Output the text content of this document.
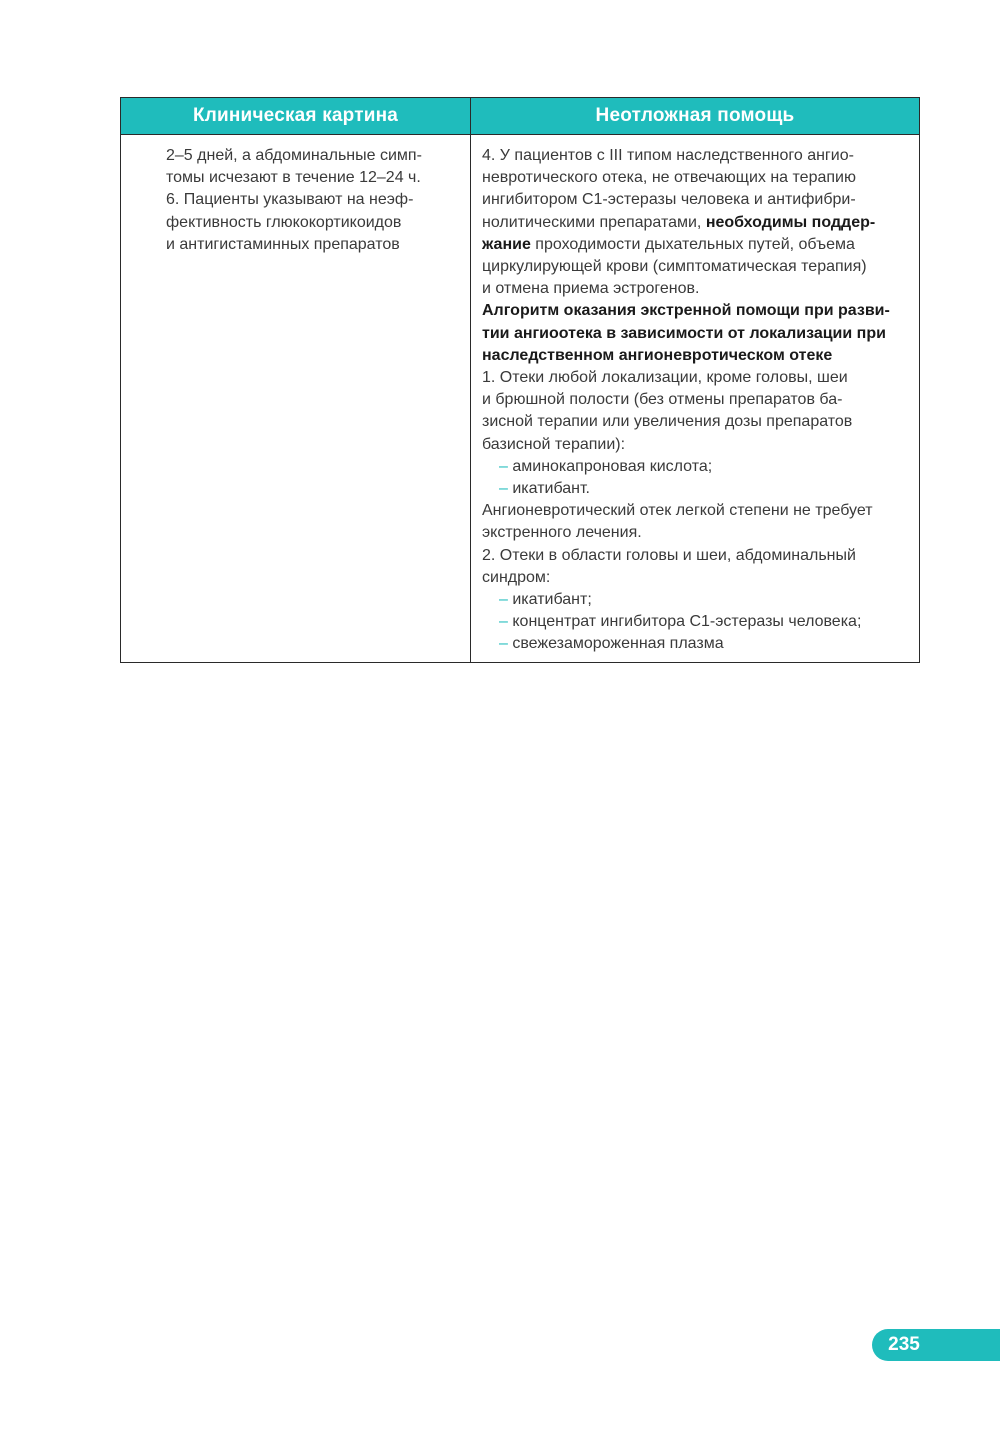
Клиническая картина	Неотложная помощь
2–5 дней, а абдоминальные симп-
томы исчезают в течение 12–24 ч.
6. Пациенты указывают на неэф-
фективность глюкокортикоидов
и антигистаминных препаратов
4. У пациентов с III типом наследственного ангио-
невротического отека, не отвечающих на терапию
ингибитором С1-эстеразы человека и антифибри-
нолитическими препаратами, необходимы поддер-
жание проходимости дыхательных путей, объема
циркулирующей крови (симптоматическая терапия)
и отмена приема эстрогенов.
Алгоритм оказания экстренной помощи при разви-
тии ангиоотека в зависимости от локализации при
наследственном ангионевротическом отеке
1. Отеки любой локализации, кроме головы, шеи
и брюшной полости (без отмены препаратов ба-
зисной терапии или увеличения дозы препаратов
базисной терапии):
– аминокапроновая кислота;
– икатибант.
Ангионевротический отек легкой степени не требует
экстренного лечения.
2. Отеки в области головы и шеи, абдоминальный
синдром:
– икатибант;
– концентрат ингибитора С1-эстеразы человека;
– свежезамороженная плазма
235
